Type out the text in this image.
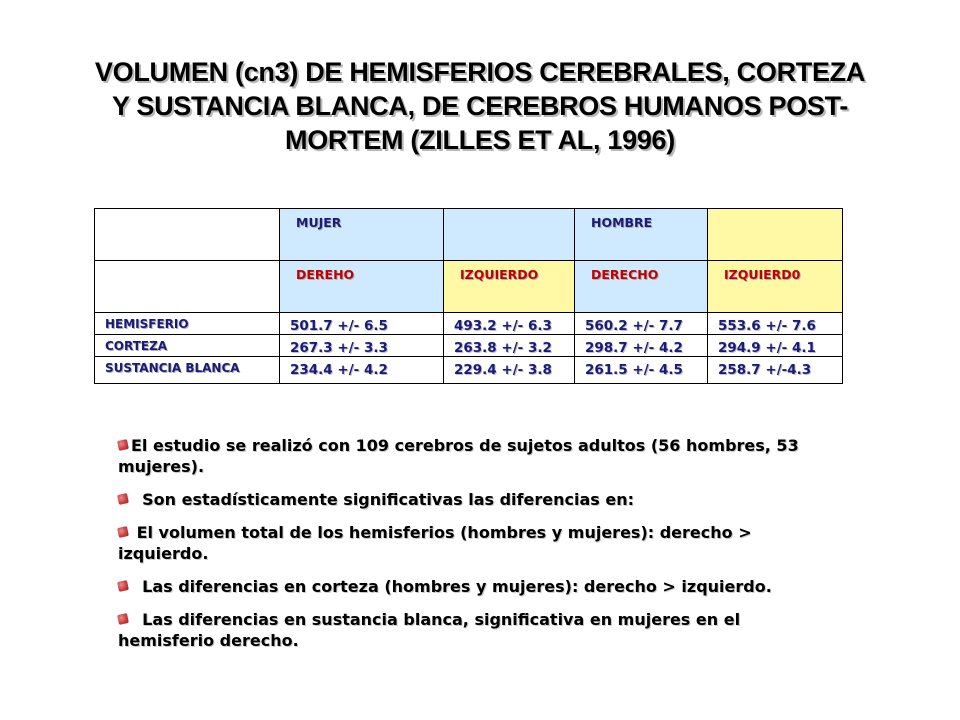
VOLUMEN (cn3) DE HEMISFERIOS CEREBRALES, CORTEZA
Y SUSTANCIA BLANCA, DE CEREBROS HUMANOS POST-
MORTEM (ZILLES ET AL, 1996)

	MUJER		HOMBRE	

	DEREHO	IZQUIERDO	DERECHO	IZQUIERD0

HEMISFERIO	501.7 +/- 6.5	493.2 +/- 6.3	560.2 +/- 7.7	553.6 +/- 7.6

CORTEZA	267.3 +/- 3.3	263.8 +/- 3.2	298.7 +/- 4.2	294.9 +/- 4.1

SUSTANCIA BLANCA	234.4 +/- 4.2	229.4 +/- 3.8	261.5 +/- 4.5	258.7 +/-4.3
El estudio se realizó con 109 cerebros de sujetos adultos (56 hombres, 53 mujeres).
Son estadísticamente significativas las diferencias en:
El volumen total de los hemisferios (hombres y mujeres): derecho > izquierdo.
Las diferencias en corteza (hombres y mujeres): derecho > izquierdo.
Las diferencias en sustancia blanca, significativa en mujeres en el hemisferio derecho.
